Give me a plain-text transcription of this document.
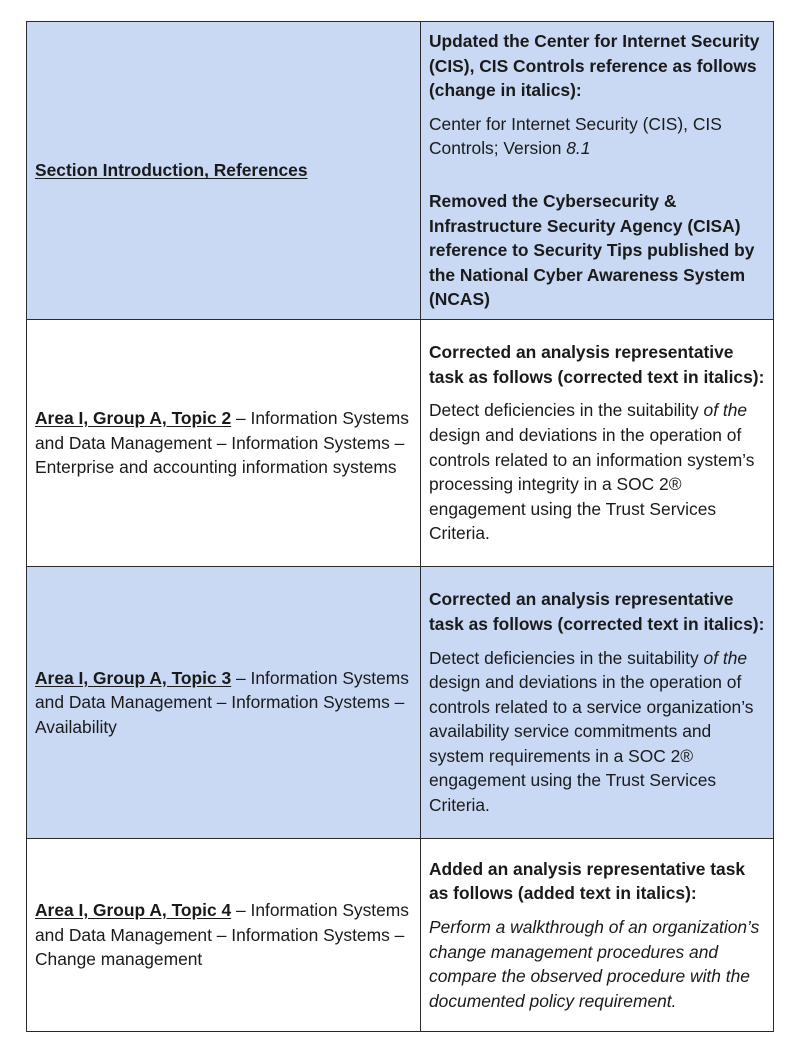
Section Introduction, References	Updated the Center for Internet Security (CIS), CIS Controls reference as follows (change in italics):

Center for Internet Security (CIS), CIS Controls; Version 8.1

Removed the Cybersecurity & Infrastructure Security Agency (CISA) reference to Security Tips published by the National Cyber Awareness System (NCAS)

Area I, Group A, Topic 2 – Information Systems and Data Management – Information Systems – Enterprise and accounting information systems	Corrected an analysis representative task as follows (corrected text in italics):

Detect deficiencies in the suitability of the design and deviations in the operation of controls related to an information system’s processing integrity in a SOC 2® engagement using the Trust Services Criteria.

Area I, Group A, Topic 3 – Information Systems and Data Management – Information Systems – Availability	Corrected an analysis representative task as follows (corrected text in italics):

Detect deficiencies in the suitability of the design and deviations in the operation of controls related to a service organization’s availability service commitments and system requirements in a SOC 2® engagement using the Trust Services Criteria.

Area I, Group A, Topic 4 – Information Systems and Data Management – Information Systems – Change management	Added an analysis representative task as follows (added text in italics):

Perform a walkthrough of an organization’s change management procedures and compare the observed procedure with the documented policy requirement.
